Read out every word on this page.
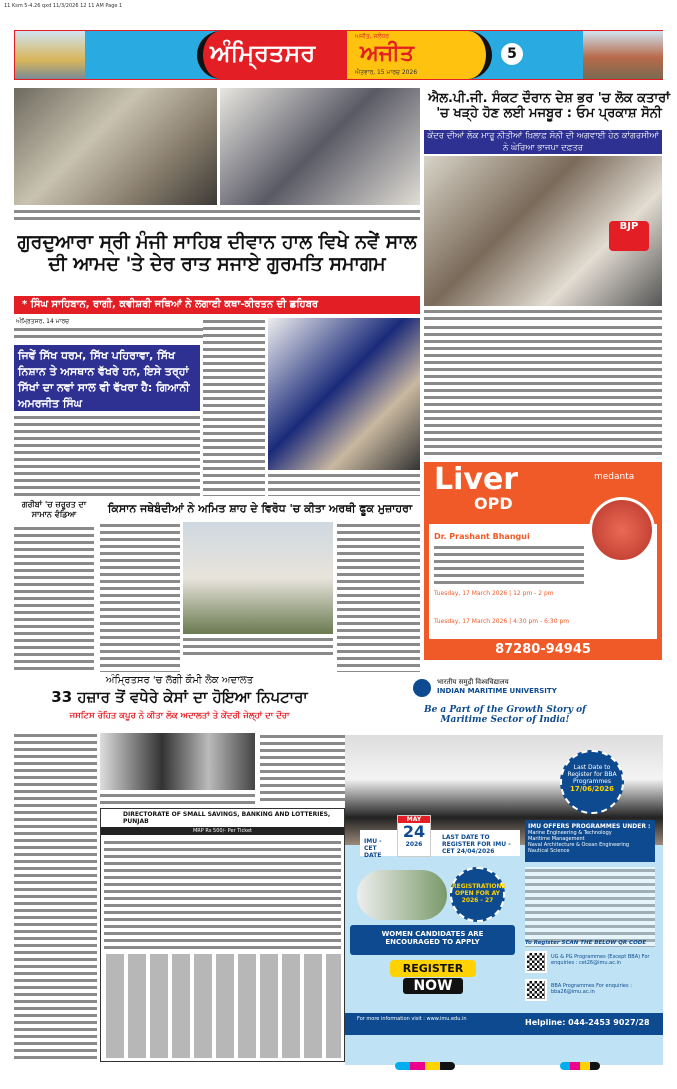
11 Ksm 5-4.26 qxd 11/3/2026 12 11 AM Page 1
ਅੰਮ੍ਰਿਤਸਰ
ਅਜੀਤ, ਜਲੰਧਰ
ਅਜੀਤ
ਐਤਵਾਰ, 15 ਮਾਰਚ 2026
5
ਗੁਰਦੁਆਰਾ ਸ੍ਰੀ ਮੰਜੀ ਸਾਹਿਬ ਦੀਵਾਨ ਹਾਲ ਵਿਖੇ ਨਵੇਂ ਸਾਲ ਦੀ ਆਮਦ 'ਤੇ ਦੇਰ ਰਾਤ ਸਜਾਏ ਗੁਰਮਤਿ ਸਮਾਗਮ
* ਸਿੰਘ ਸਾਹਿਬਾਨ, ਰਾਗੀ, ਕਵੀਸ਼ਰੀ ਜਥਿਆਂ ਨੇ ਲਗਾਈ ਕਥਾ-ਕੀਰਤਨ ਦੀ ਛਹਿਬਰ
ਅੰਮ੍ਰਿਤਸਰ, 14 ਮਾਰਚ
ਜਿਵੇਂ ਸਿੱਖ ਧਰਮ, ਸਿੱਖ ਪਹਿਰਾਵਾ, ਸਿੱਖ ਨਿਸ਼ਾਨ ਤੇ ਅਸਥਾਨ ਵੱਖਰੇ ਹਨ, ਇਸੇ ਤਰ੍ਹਾਂ ਸਿੱਖਾਂ ਦਾ ਨਵਾਂ ਸਾਲ ਵੀ ਵੱਖਰਾ ਹੈ: ਗਿਆਨੀ ਅਮਰਜੀਤ ਸਿੰਘ
ਐਲ.ਪੀ.ਜੀ. ਸੰਕਟ ਦੌਰਾਨ ਦੇਸ਼ ਭਰ 'ਚ ਲੋਕ ਕਤਾਰਾਂ 'ਚ ਖੜ੍ਹੇ ਹੋਣ ਲਈ ਮਜਬੂਰ : ਓਮ ਪ੍ਰਕਾਸ਼ ਸੋਨੀ
ਕੇਂਦਰ ਦੀਆਂ ਲੋਕ ਮਾਰੂ ਨੀਤੀਆਂ ਖ਼ਿਲਾਫ਼ ਸੋਨੀ ਦੀ ਅਗਵਾਈ ਹੇਠ ਕਾਂਗਰਸੀਆਂ ਨੇ ਘੇਰਿਆ ਭਾਜਪਾ ਦਫ਼ਤਰ
BJP
Liver
OPD
medanta
Dr. Prashant Bhangui
Tuesday, 17 March 2026 | 12 pm - 2 pm
Tuesday, 17 March 2026 | 4:30 pm - 6:30 pm
87280-94945
ਗਰੀਬਾਂ 'ਚ ਜ਼ਰੂਰਤ ਦਾ ਸਾਮਾਨ ਵੰਡਿਆ	ਕਿਸਾਨ ਜਥੇਬੰਦੀਆਂ ਨੇ ਅਮਿਤ ਸ਼ਾਹ ਦੇ ਵਿਰੋਧ 'ਚ ਕੀਤਾ ਅਰਥੀ ਫੂਕ ਮੁਜ਼ਾਹਰਾ
ਅੰਮ੍ਰਿਤਸਰ 'ਚ ਲੱਗੀ ਕੌਮੀ ਲੋਕ ਅਦਾਲਤ
33 ਹਜ਼ਾਰ ਤੋਂ ਵਧੇਰੇ ਕੇਸਾਂ ਦਾ ਹੋਇਆ ਨਿਪਟਾਰਾ
ਜਸਟਿਸ ਰੋਹਿਤ ਕਪੂਰ ਨੇ ਕੀਤਾ ਲੋਕ ਅਦਾਲਤਾਂ ਤੇ ਕੇਂਦਰੀ ਜੇਲ੍ਹਾਂ ਦਾ ਦੌਰਾ
DIRECTORATE OF SMALL SAVINGS, BANKING AND LOTTERIES, PUNJAB
MRP Rs 500/- Per Ticket
भारतीय समुद्री विश्वविद्यालय
INDIAN MARITIME UNIVERSITY
Be a Part of the Growth Story of Maritime Sector of India!
Last Date to Register for BBA Programmes
17/06/2026
IMU - CET DATE
LAST DATE TO REGISTER FOR IMU - CET 24/04/2026
MAY
24
2026
IMU OFFERS PROGRAMMES UNDER :
Marine Engineering & Technology
Maritime Management
Naval Architecture & Ocean Engineering
Nautical Science
REGISTRATIONS OPEN FOR AY 2026 - 27
WOMEN CANDIDATES ARE ENCOURAGED TO APPLY
REGISTER
NOW
To Register SCAN THE BELOW QR CODE
UG & PG Programmes (Except BBA) For enquiries : cet26@imu.ac.in
BBA Programmes For enquiries : bba26@imu.ac.in
For more information visit : www.imu.edu.in	Helpline: 044-2453 9027/28
